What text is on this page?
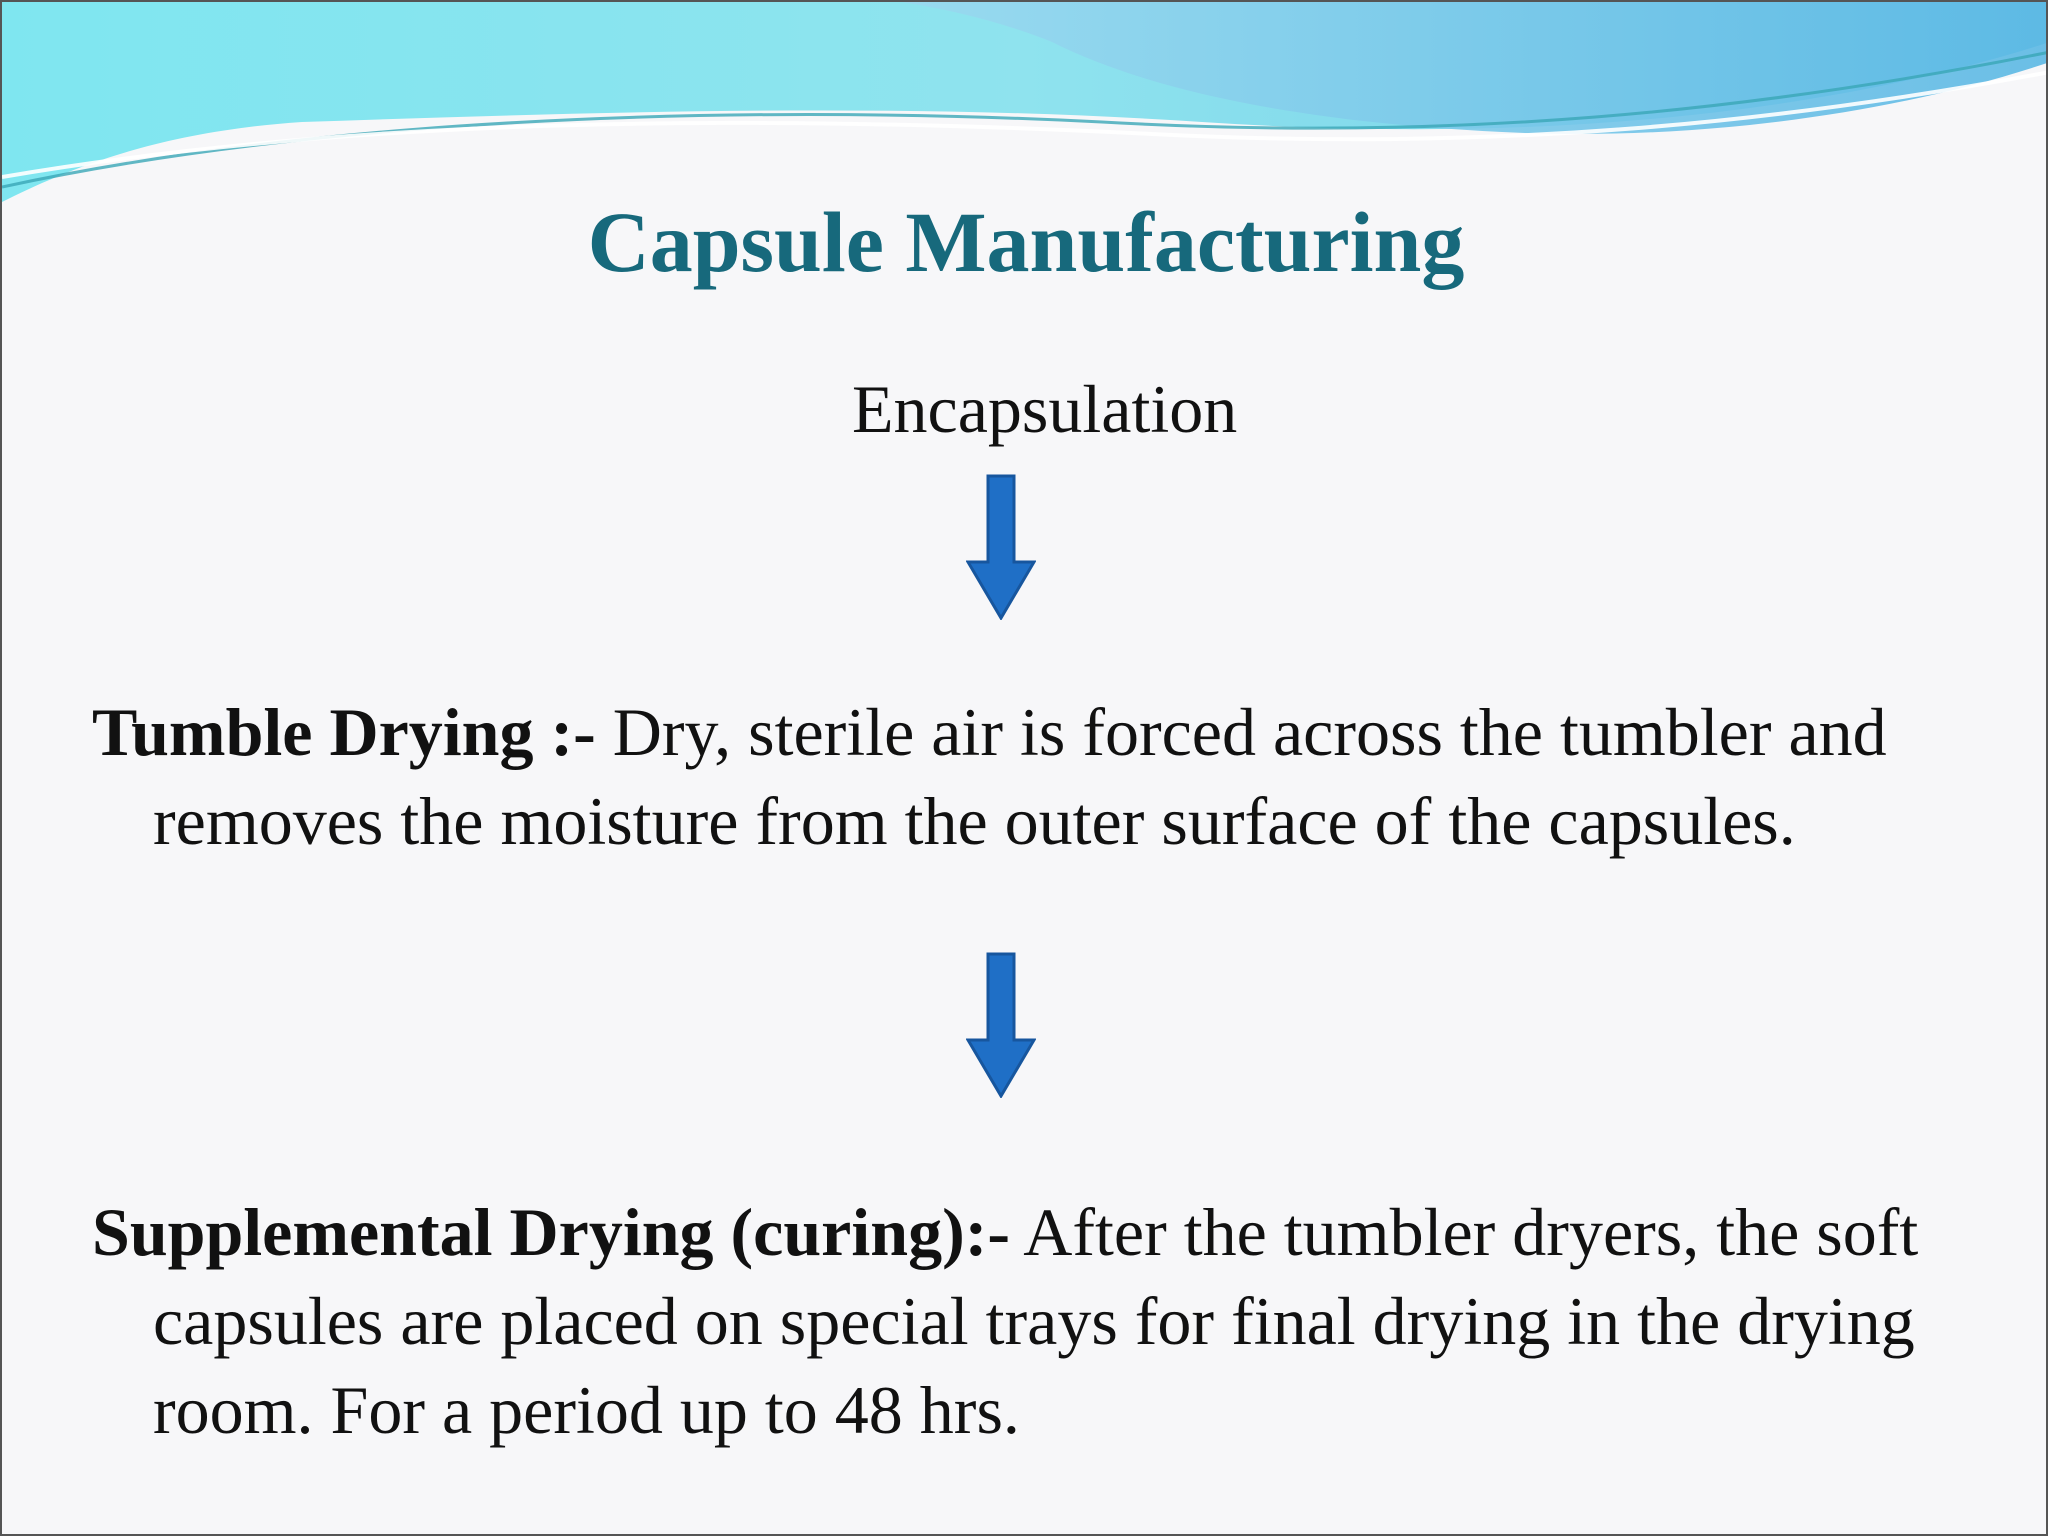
Capsule Manufacturing
Encapsulation
Tumble Drying :- Dry, sterile air is forced across the tumbler and removes the moisture from the outer surface of the capsules.
Supplemental Drying (curing):- After the tumbler dryers, the soft capsules are placed on special trays for final drying in the drying room. For a period up to 48 hrs.
